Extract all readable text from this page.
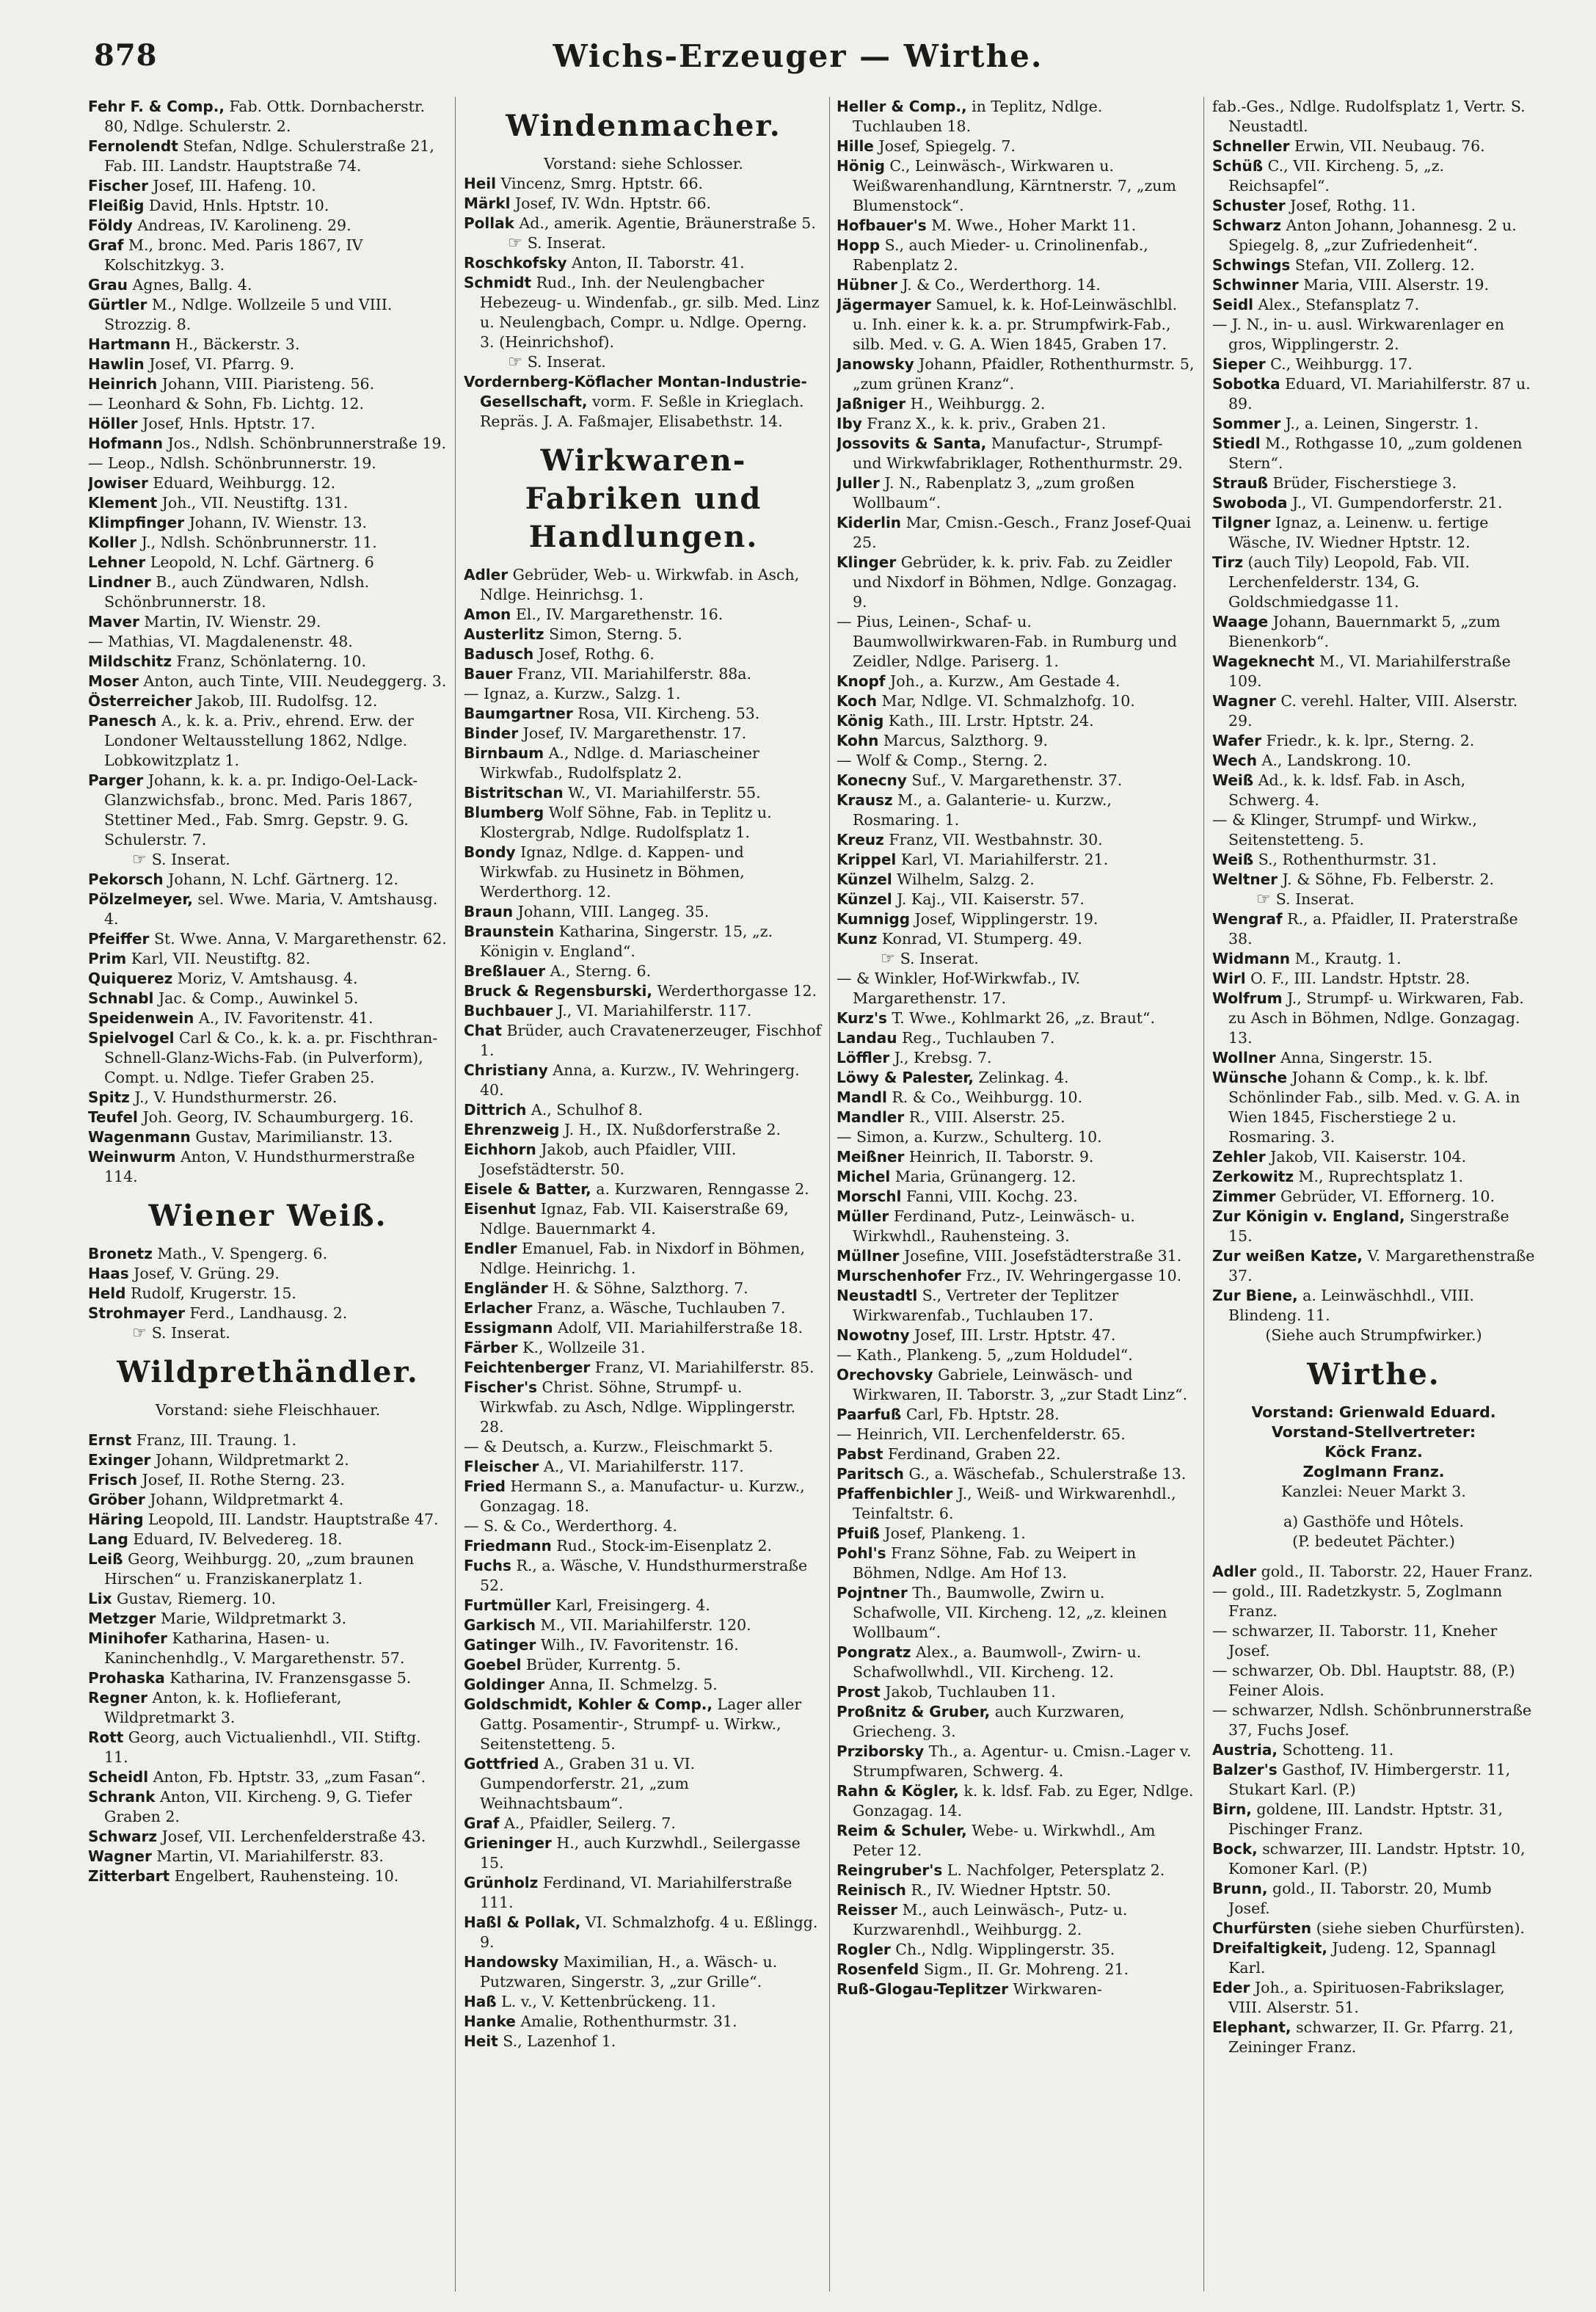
878	Wichs-Erzeuger — Wirthe.
Fehr F. & Comp., Fab. Ottk. Dornbacherstr. 80, Ndlge. Schulerstr. 2.
Fernolendt Stefan, Ndlge. Schulerstraße 21, Fab. III. Landstr. Hauptstraße 74.
Fischer Josef, III. Hafeng. 10.
Fleißig David, Hnls. Hptstr. 10.
Földy Andreas, IV. Karolineng. 29.
Graf M., bronc. Med. Paris 1867, IV Kolschitzkyg. 3.
Grau Agnes, Ballg. 4.
Gürtler M., Ndlge. Wollzeile 5 und VIII. Strozzig. 8.
Hartmann H., Bäckerstr. 3.
Hawlin Josef, VI. Pfarrg. 9.
Heinrich Johann, VIII. Piaristeng. 56.
— Leonhard & Sohn, Fb. Lichtg. 12.
Höller Josef, Hnls. Hptstr. 17.
Hofmann Jos., Ndlsh. Schönbrunnerstraße 19.
— Leop., Ndlsh. Schönbrunnerstr. 19.
Jowiser Eduard, Weihburgg. 12.
Klement Joh., VII. Neustiftg. 131.
Klimpfinger Johann, IV. Wienstr. 13.
Koller J., Ndlsh. Schönbrunnerstr. 11.
Lehner Leopold, N. Lchf. Gärtnerg. 6
Lindner B., auch Zündwaren, Ndlsh. Schönbrunnerstr. 18.
Maver Martin, IV. Wienstr. 29.
— Mathias, VI. Magdalenenstr. 48.
Mildschitz Franz, Schönlaterng. 10.
Moser Anton, auch Tinte, VIII. Neudeggerg. 3.
Österreicher Jakob, III. Rudolfsg. 12.
Panesch A., k. k. a. Priv., ehrend. Erw. der Londoner Weltausstellung 1862, Ndlge. Lobkowitzplatz 1.
Parger Johann, k. k. a. pr. Indigo-Oel-Lack-Glanzwichsfab., bronc. Med. Paris 1867, Stettiner Med., Fab. Smrg. Gepstr. 9. G. Schulerstr. 7.
☞ S. Inserat.
Pekorsch Johann, N. Lchf. Gärtnerg. 12.
Pölzelmeyer, sel. Wwe. Maria, V. Amtshausg. 4.
Pfeiffer St. Wwe. Anna, V. Margarethenstr. 62.
Prim Karl, VII. Neustiftg. 82.
Quiquerez Moriz, V. Amtshausg. 4.
Schnabl Jac. & Comp., Auwinkel 5.
Speidenwein A., IV. Favoritenstr. 41.
Spielvogel Carl & Co., k. k. a. pr. Fischthran-Schnell-Glanz-Wichs-Fab. (in Pulverform), Compt. u. Ndlge. Tiefer Graben 25.
Spitz J., V. Hundsthurmerstr. 26.
Teufel Joh. Georg, IV. Schaumburgerg. 16.
Wagenmann Gustav, Marimilianstr. 13.
Weinwurm Anton, V. Hundsthurmerstraße 114.
Wiener Weiß.
Bronetz Math., V. Spengerg. 6.
Haas Josef, V. Grüng. 29.
Held Rudolf, Krugerstr. 15.
Strohmayer Ferd., Landhausg. 2.
☞ S. Inserat.
Wildprethändler.
Vorstand: siehe Fleischhauer.
Ernst Franz, III. Traung. 1.
Exinger Johann, Wildpretmarkt 2.
Frisch Josef, II. Rothe Sterng. 23.
Gröber Johann, Wildpretmarkt 4.
Häring Leopold, III. Landstr. Hauptstraße 47.
Lang Eduard, IV. Belvedereg. 18.
Leiß Georg, Weihburgg. 20, „zum braunen Hirschen“ u. Franziskanerplatz 1.
Lix Gustav, Riemerg. 10.
Metzger Marie, Wildpretmarkt 3.
Minihofer Katharina, Hasen- u. Kaninchenhdlg., V. Margarethenstr. 57.
Prohaska Katharina, IV. Franzensgasse 5.
Regner Anton, k. k. Hoflieferant, Wildpretmarkt 3.
Rott Georg, auch Victualienhdl., VII. Stiftg. 11.
Scheidl Anton, Fb. Hptstr. 33, „zum Fasan“.
Schrank Anton, VII. Kircheng. 9, G. Tiefer Graben 2.
Schwarz Josef, VII. Lerchenfelderstraße 43.
Wagner Martin, VI. Mariahilferstr. 83.
Zitterbart Engelbert, Rauhensteing. 10.
Windenmacher.
Vorstand: siehe Schlosser.
Heil Vincenz, Smrg. Hptstr. 66.
Märkl Josef, IV. Wdn. Hptstr. 66.
Pollak Ad., amerik. Agentie, Bräunerstraße 5.
☞ S. Inserat.
Roschkofsky Anton, II. Taborstr. 41.
Schmidt Rud., Inh. der Neulengbacher Hebezeug- u. Windenfab., gr. silb. Med. Linz u. Neulengbach, Compr. u. Ndlge. Operng. 3. (Heinrichshof).
☞ S. Inserat.
Vordernberg-Köflacher Montan-Industrie-Gesellschaft, vorm. F. Seßle in Krieglach. Repräs. J. A. Faßmajer, Elisabethstr. 14.
Wirkwaren-Fabriken und Handlungen.
Adler Gebrüder, Web- u. Wirkwfab. in Asch, Ndlge. Heinrichsg. 1.
Amon El., IV. Margarethenstr. 16.
Austerlitz Simon, Sterng. 5.
Badusch Josef, Rothg. 6.
Bauer Franz, VII. Mariahilferstr. 88a.
— Ignaz, a. Kurzw., Salzg. 1.
Baumgartner Rosa, VII. Kircheng. 53.
Binder Josef, IV. Margarethenstr. 17.
Birnbaum A., Ndlge. d. Mariascheiner Wirkwfab., Rudolfsplatz 2.
Bistritschan W., VI. Mariahilferstr. 55.
Blumberg Wolf Söhne, Fab. in Teplitz u. Klostergrab, Ndlge. Rudolfsplatz 1.
Bondy Ignaz, Ndlge. d. Kappen- und Wirkwfab. zu Husinetz in Böhmen, Werderthorg. 12.
Braun Johann, VIII. Langeg. 35.
Braunstein Katharina, Singerstr. 15, „z. Königin v. England“.
Breßlauer A., Sterng. 6.
Bruck & Regensburski, Werderthorgasse 12.
Buchbauer J., VI. Mariahilferstr. 117.
Chat Brüder, auch Cravatenerzeuger, Fischhof 1.
Christiany Anna, a. Kurzw., IV. Wehringerg. 40.
Dittrich A., Schulhof 8.
Ehrenzweig J. H., IX. Nußdorferstraße 2.
Eichhorn Jakob, auch Pfaidler, VIII. Josefstädterstr. 50.
Eisele & Batter, a. Kurzwaren, Renngasse 2.
Eisenhut Ignaz, Fab. VII. Kaiserstraße 69, Ndlge. Bauernmarkt 4.
Endler Emanuel, Fab. in Nixdorf in Böhmen, Ndlge. Heinrichg. 1.
Engländer H. & Söhne, Salzthorg. 7.
Erlacher Franz, a. Wäsche, Tuchlauben 7.
Essigmann Adolf, VII. Mariahilferstraße 18.
Färber K., Wollzeile 31.
Feichtenberger Franz, VI. Mariahilferstr. 85.
Fischer's Christ. Söhne, Strumpf- u. Wirkwfab. zu Asch, Ndlge. Wipplingerstr. 28.
— & Deutsch, a. Kurzw., Fleischmarkt 5.
Fleischer A., VI. Mariahilferstr. 117.
Fried Hermann S., a. Manufactur- u. Kurzw., Gonzagag. 18.
— S. & Co., Werderthorg. 4.
Friedmann Rud., Stock-im-Eisenplatz 2.
Fuchs R., a. Wäsche, V. Hundsthurmerstraße 52.
Furtmüller Karl, Freisingerg. 4.
Garkisch M., VII. Mariahilferstr. 120.
Gatinger Wilh., IV. Favoritenstr. 16.
Goebel Brüder, Kurrentg. 5.
Goldinger Anna, II. Schmelzg. 5.
Goldschmidt, Kohler & Comp., Lager aller Gattg. Posamentir-, Strumpf- u. Wirkw., Seitenstetteng. 5.
Gottfried A., Graben 31 u. VI. Gumpendorferstr. 21, „zum Weihnachtsbaum“.
Graf A., Pfaidler, Seilerg. 7.
Grieninger H., auch Kurzwhdl., Seilergasse 15.
Grünholz Ferdinand, VI. Mariahilferstraße 111.
Haßl & Pollak, VI. Schmalzhofg. 4 u. Eßlingg. 9.
Handowsky Maximilian, H., a. Wäsch- u. Putzwaren, Singerstr. 3, „zur Grille“.
Haß L. v., V. Kettenbrückeng. 11.
Hanke Amalie, Rothenthurmstr. 31.
Heit S., Lazenhof 1.
Heller & Comp., in Teplitz, Ndlge. Tuchlauben 18.
Hille Josef, Spiegelg. 7.
Hönig C., Leinwäsch-, Wirkwaren u. Weißwarenhandlung, Kärntnerstr. 7, „zum Blumenstock“.
Hofbauer's M. Wwe., Hoher Markt 11.
Hopp S., auch Mieder- u. Crinolinenfab., Rabenplatz 2.
Hübner J. & Co., Werderthorg. 14.
Jägermayer Samuel, k. k. Hof-Leinwäschlbl. u. Inh. einer k. k. a. pr. Strumpfwirk-Fab., silb. Med. v. G. A. Wien 1845, Graben 17.
Janowsky Johann, Pfaidler, Rothenthurmstr. 5, „zum grünen Kranz“.
Jaßniger H., Weihburgg. 2.
Iby Franz X., k. k. priv., Graben 21.
Jossovits & Santa, Manufactur-, Strumpf- und Wirkwfabriklager, Rothenthurmstr. 29.
Juller J. N., Rabenplatz 3, „zum großen Wollbaum“.
Kiderlin Mar, Cmisn.-Gesch., Franz Josef-Quai 25.
Klinger Gebrüder, k. k. priv. Fab. zu Zeidler und Nixdorf in Böhmen, Ndlge. Gonzagag. 9.
— Pius, Leinen-, Schaf- u. Baumwollwirkwaren-Fab. in Rumburg und Zeidler, Ndlge. Pariserg. 1.
Knopf Joh., a. Kurzw., Am Gestade 4.
Koch Mar, Ndlge. VI. Schmalzhofg. 10.
König Kath., III. Lrstr. Hptstr. 24.
Kohn Marcus, Salzthorg. 9.
— Wolf & Comp., Sterng. 2.
Konecny Suf., V. Margarethenstr. 37.
Krausz M., a. Galanterie- u. Kurzw., Rosmaring. 1.
Kreuz Franz, VII. Westbahnstr. 30.
Krippel Karl, VI. Mariahilferstr. 21.
Künzel Wilhelm, Salzg. 2.
Künzel J. Kaj., VII. Kaiserstr. 57.
Kumnigg Josef, Wipplingerstr. 19.
Kunz Konrad, VI. Stumperg. 49.
☞ S. Inserat.
— & Winkler, Hof-Wirkwfab., IV. Margarethenstr. 17.
Kurz's T. Wwe., Kohlmarkt 26, „z. Braut“.
Landau Reg., Tuchlauben 7.
Löffler J., Krebsg. 7.
Löwy & Palester, Zelinkag. 4.
Mandl R. & Co., Weihburgg. 10.
Mandler R., VIII. Alserstr. 25.
— Simon, a. Kurzw., Schulterg. 10.
Meißner Heinrich, II. Taborstr. 9.
Michel Maria, Grünangerg. 12.
Morschl Fanni, VIII. Kochg. 23.
Müller Ferdinand, Putz-, Leinwäsch- u. Wirkwhdl., Rauhensteing. 3.
Müllner Josefine, VIII. Josefstädterstraße 31.
Murschenhofer Frz., IV. Wehringergasse 10.
Neustadtl S., Vertreter der Teplitzer Wirkwarenfab., Tuchlauben 17.
Nowotny Josef, III. Lrstr. Hptstr. 47.
— Kath., Plankeng. 5, „zum Holdudel“.
Orechovsky Gabriele, Leinwäsch- und Wirkwaren, II. Taborstr. 3, „zur Stadt Linz“.
Paarfuß Carl, Fb. Hptstr. 28.
— Heinrich, VII. Lerchenfelderstr. 65.
Pabst Ferdinand, Graben 22.
Paritsch G., a. Wäschefab., Schulerstraße 13.
Pfaffenbichler J., Weiß- und Wirkwarenhdl., Teinfaltstr. 6.
Pfuiß Josef, Plankeng. 1.
Pohl's Franz Söhne, Fab. zu Weipert in Böhmen, Ndlge. Am Hof 13.
Pojntner Th., Baumwolle, Zwirn u. Schafwolle, VII. Kircheng. 12, „z. kleinen Wollbaum“.
Pongratz Alex., a. Baumwoll-, Zwirn- u. Schafwollwhdl., VII. Kircheng. 12.
Prost Jakob, Tuchlauben 11.
Proßnitz & Gruber, auch Kurzwaren, Griecheng. 3.
Prziborsky Th., a. Agentur- u. Cmisn.-Lager v. Strumpfwaren, Schwerg. 4.
Rahn & Kögler, k. k. ldsf. Fab. zu Eger, Ndlge. Gonzagag. 14.
Reim & Schuler, Webe- u. Wirkwhdl., Am Peter 12.
Reingruber's L. Nachfolger, Petersplatz 2.
Reinisch R., IV. Wiedner Hptstr. 50.
Reisser M., auch Leinwäsch-, Putz- u. Kurzwarenhdl., Weihburgg. 2.
Rogler Ch., Ndlg. Wipplingerstr. 35.
Rosenfeld Sigm., II. Gr. Mohreng. 21.
Ruß-Glogau-Teplitzer Wirkwaren-
fab.-Ges., Ndlge. Rudolfsplatz 1, Vertr. S. Neustadtl.
Schneller Erwin, VII. Neubaug. 76.
Schüß C., VII. Kircheng. 5, „z. Reichsapfel“.
Schuster Josef, Rothg. 11.
Schwarz Anton Johann, Johannesg. 2 u. Spiegelg. 8, „zur Zufriedenheit“.
Schwings Stefan, VII. Zollerg. 12.
Schwinner Maria, VIII. Alserstr. 19.
Seidl Alex., Stefansplatz 7.
— J. N., in- u. ausl. Wirkwarenlager en gros, Wipplingerstr. 2.
Sieper C., Weihburgg. 17.
Sobotka Eduard, VI. Mariahilferstr. 87 u. 89.
Sommer J., a. Leinen, Singerstr. 1.
Stiedl M., Rothgasse 10, „zum goldenen Stern“.
Strauß Brüder, Fischerstiege 3.
Swoboda J., VI. Gumpendorferstr. 21.
Tilgner Ignaz, a. Leinenw. u. fertige Wäsche, IV. Wiedner Hptstr. 12.
Tirz (auch Tily) Leopold, Fab. VII. Lerchenfelderstr. 134, G. Goldschmiedgasse 11.
Waage Johann, Bauernmarkt 5, „zum Bienenkorb“.
Wageknecht M., VI. Mariahilferstraße 109.
Wagner C. verehl. Halter, VIII. Alserstr. 29.
Wafer Friedr., k. k. lpr., Sterng. 2.
Wech A., Landskrong. 10.
Weiß Ad., k. k. ldsf. Fab. in Asch, Schwerg. 4.
— & Klinger, Strumpf- und Wirkw., Seitenstetteng. 5.
Weiß S., Rothenthurmstr. 31.
Weltner J. & Söhne, Fb. Felberstr. 2.
☞ S. Inserat.
Wengraf R., a. Pfaidler, II. Praterstraße 38.
Widmann M., Krautg. 1.
Wirl O. F., III. Landstr. Hptstr. 28.
Wolfrum J., Strumpf- u. Wirkwaren, Fab. zu Asch in Böhmen, Ndlge. Gonzagag. 13.
Wollner Anna, Singerstr. 15.
Wünsche Johann & Comp., k. k. lbf. Schönlinder Fab., silb. Med. v. G. A. in Wien 1845, Fischerstiege 2 u. Rosmaring. 3.
Zehler Jakob, VII. Kaiserstr. 104.
Zerkowitz M., Ruprechtsplatz 1.
Zimmer Gebrüder, VI. Effornerg. 10.
Zur Königin v. England, Singerstraße 15.
Zur weißen Katze, V. Margarethenstraße 37.
Zur Biene, a. Leinwäschhdl., VIII. Blindeng. 11.
(Siehe auch Strumpfwirker.)
Wirthe.
Vorstand: Grienwald Eduard.
Vorstand-Stellvertreter:
Köck Franz.
Zoglmann Franz.
Kanzlei: Neuer Markt 3.
a) Gasthöfe und Hôtels.
(P. bedeutet Pächter.)
Adler gold., II. Taborstr. 22, Hauer Franz.
— gold., III. Radetzkystr. 5, Zoglmann Franz.
— schwarzer, II. Taborstr. 11, Kneher Josef.
— schwarzer, Ob. Dbl. Hauptstr. 88, (P.) Feiner Alois.
— schwarzer, Ndlsh. Schönbrunnerstraße 37, Fuchs Josef.
Austria, Schotteng. 11.
Balzer's Gasthof, IV. Himbergerstr. 11, Stukart Karl. (P.)
Birn, goldene, III. Landstr. Hptstr. 31, Pischinger Franz.
Bock, schwarzer, III. Landstr. Hptstr. 10, Komoner Karl. (P.)
Brunn, gold., II. Taborstr. 20, Mumb Josef.
Churfürsten (siehe sieben Churfürsten).
Dreifaltigkeit, Judeng. 12, Spannagl Karl.
Eder Joh., a. Spirituosen-Fabrikslager, VIII. Alserstr. 51.
Elephant, schwarzer, II. Gr. Pfarrg. 21, Zeininger Franz.
